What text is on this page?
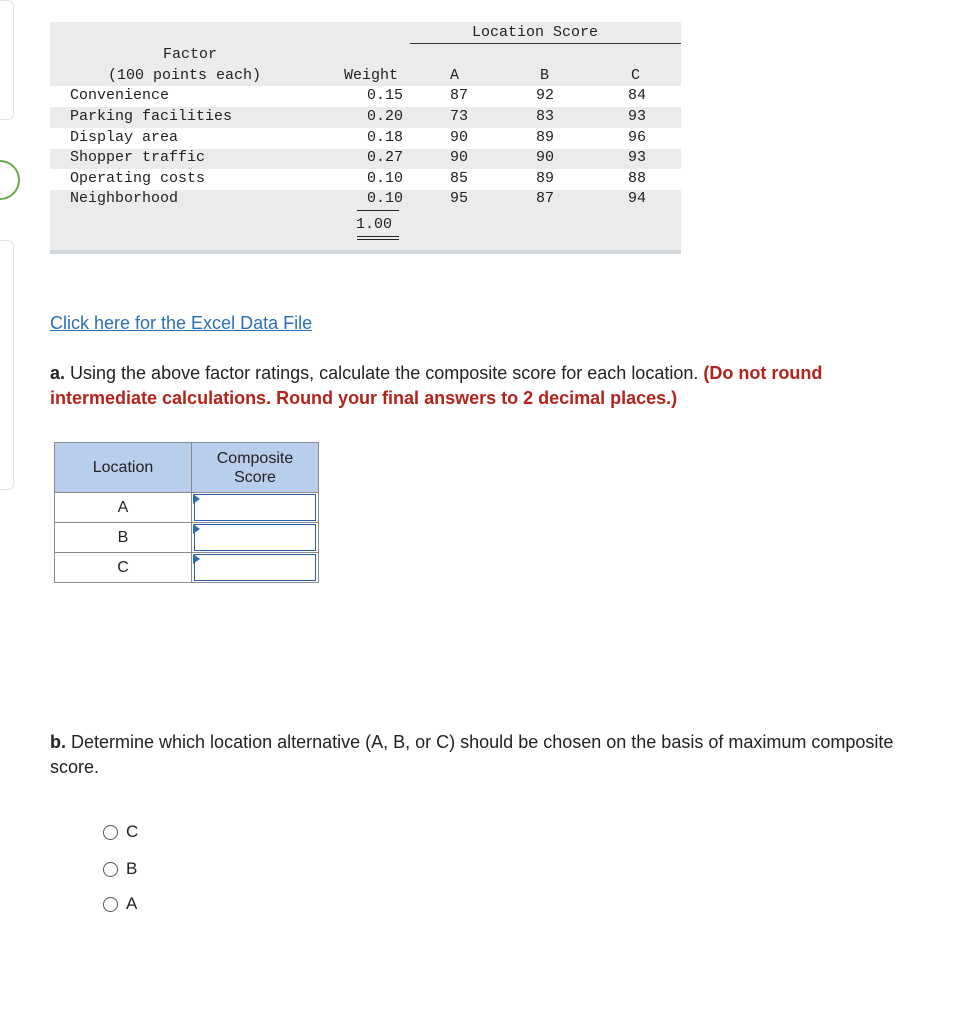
Location Score
Factor
(100 points each)	Weight	A	B	C
Convenience	0.15	87	92	84
Parking facilities	0.20	73	83	93
Display area	0.18	90	89	96
Shopper traffic	0.27	90	90	93
Operating costs	0.10	85	89	88
Neighborhood	0.10	95	87	94
1.00
Click here for the Excel Data File
a. Using the above factor ratings, calculate the composite score for each location. (Do not round intermediate calculations. Round your final answers to 2 decimal places.)
Location	Composite Score
A	

B	

C	
b. Determine which location alternative (A, B, or C) should be chosen on the basis of maximum composite score.
C
B
A
